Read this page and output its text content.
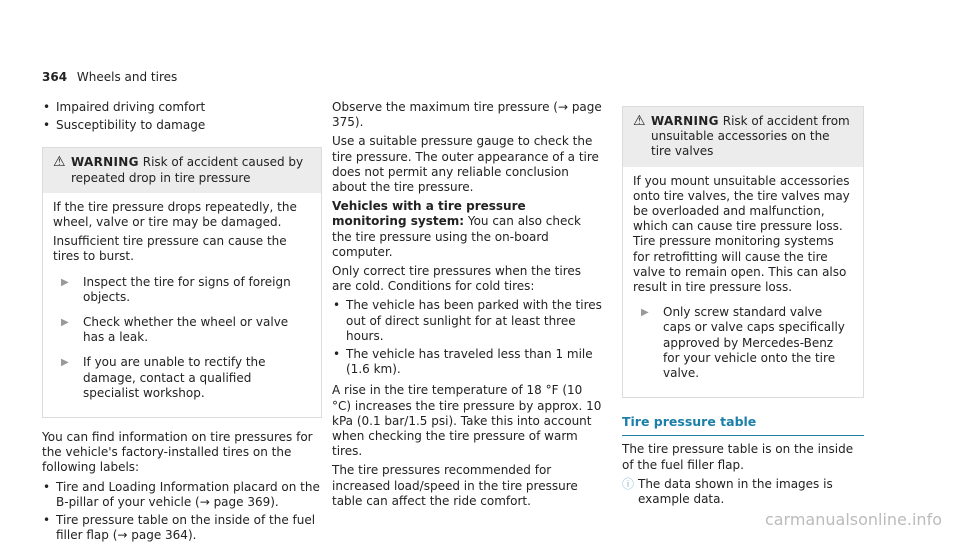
364 Wheels and tires
• Impaired driving comfort
• Susceptibility to damage
⚠ WARNING Risk of accident caused by repeated drop in tire pressure

If the tire pressure drops repeatedly, the wheel, valve or tire may be damaged.

Insufficient tire pressure can cause the tires to burst.

▶	Inspect the tire for signs of foreign objects.
▶	Check whether the wheel or valve has a leak.
▶	If you are unable to rectify the damage, contact a qualified specialist workshop.

You can find information on tire pressures for the vehicle's factory-installed tires on the following labels:

• Tire and Loading Information placard on the B-pillar of your vehicle (→ page 369).
• Tire pressure table on the inside of the fuel filler flap (→ page 364).

Observe the maximum tire pressure (→ page 375).

Use a suitable pressure gauge to check the tire pressure. The outer appearance of a tire does not permit any reliable conclusion about the tire pressure.

Vehicles with a tire pressure monitoring system: You can also check the tire pressure using the on-board computer.

Only correct tire pressures when the tires are cold. Conditions for cold tires:

• The vehicle has been parked with the tires out of direct sunlight for at least three hours.
• The vehicle has traveled less than 1 mile (1.6 km).

A rise in the tire temperature of 18 °F (10 °C) increases the tire pressure by approx. 10 kPa (0.1 bar/1.5 psi). Take this into account when checking the tire pressure of warm tires.

The tire pressures recommended for increased load/speed in the tire pressure table can affect the ride comfort.

⚠ WARNING Risk of accident from unsuitable accessories on the tire valves

If you mount unsuitable accessories onto tire valves, the tire valves may be overloaded and malfunction, which can cause tire pressure loss. Tire pressure monitoring systems for retrofitting will cause the tire valve to remain open. This can also result in tire pressure loss.

▶	Only screw standard valve caps or valve caps specifically approved by Mercedes-Benz for your vehicle onto the tire valve.
Tire pressure table

The tire pressure table is on the inside of the fuel filler flap.

ⓘ The data shown in the images is example data.
carmanualsonline.info
